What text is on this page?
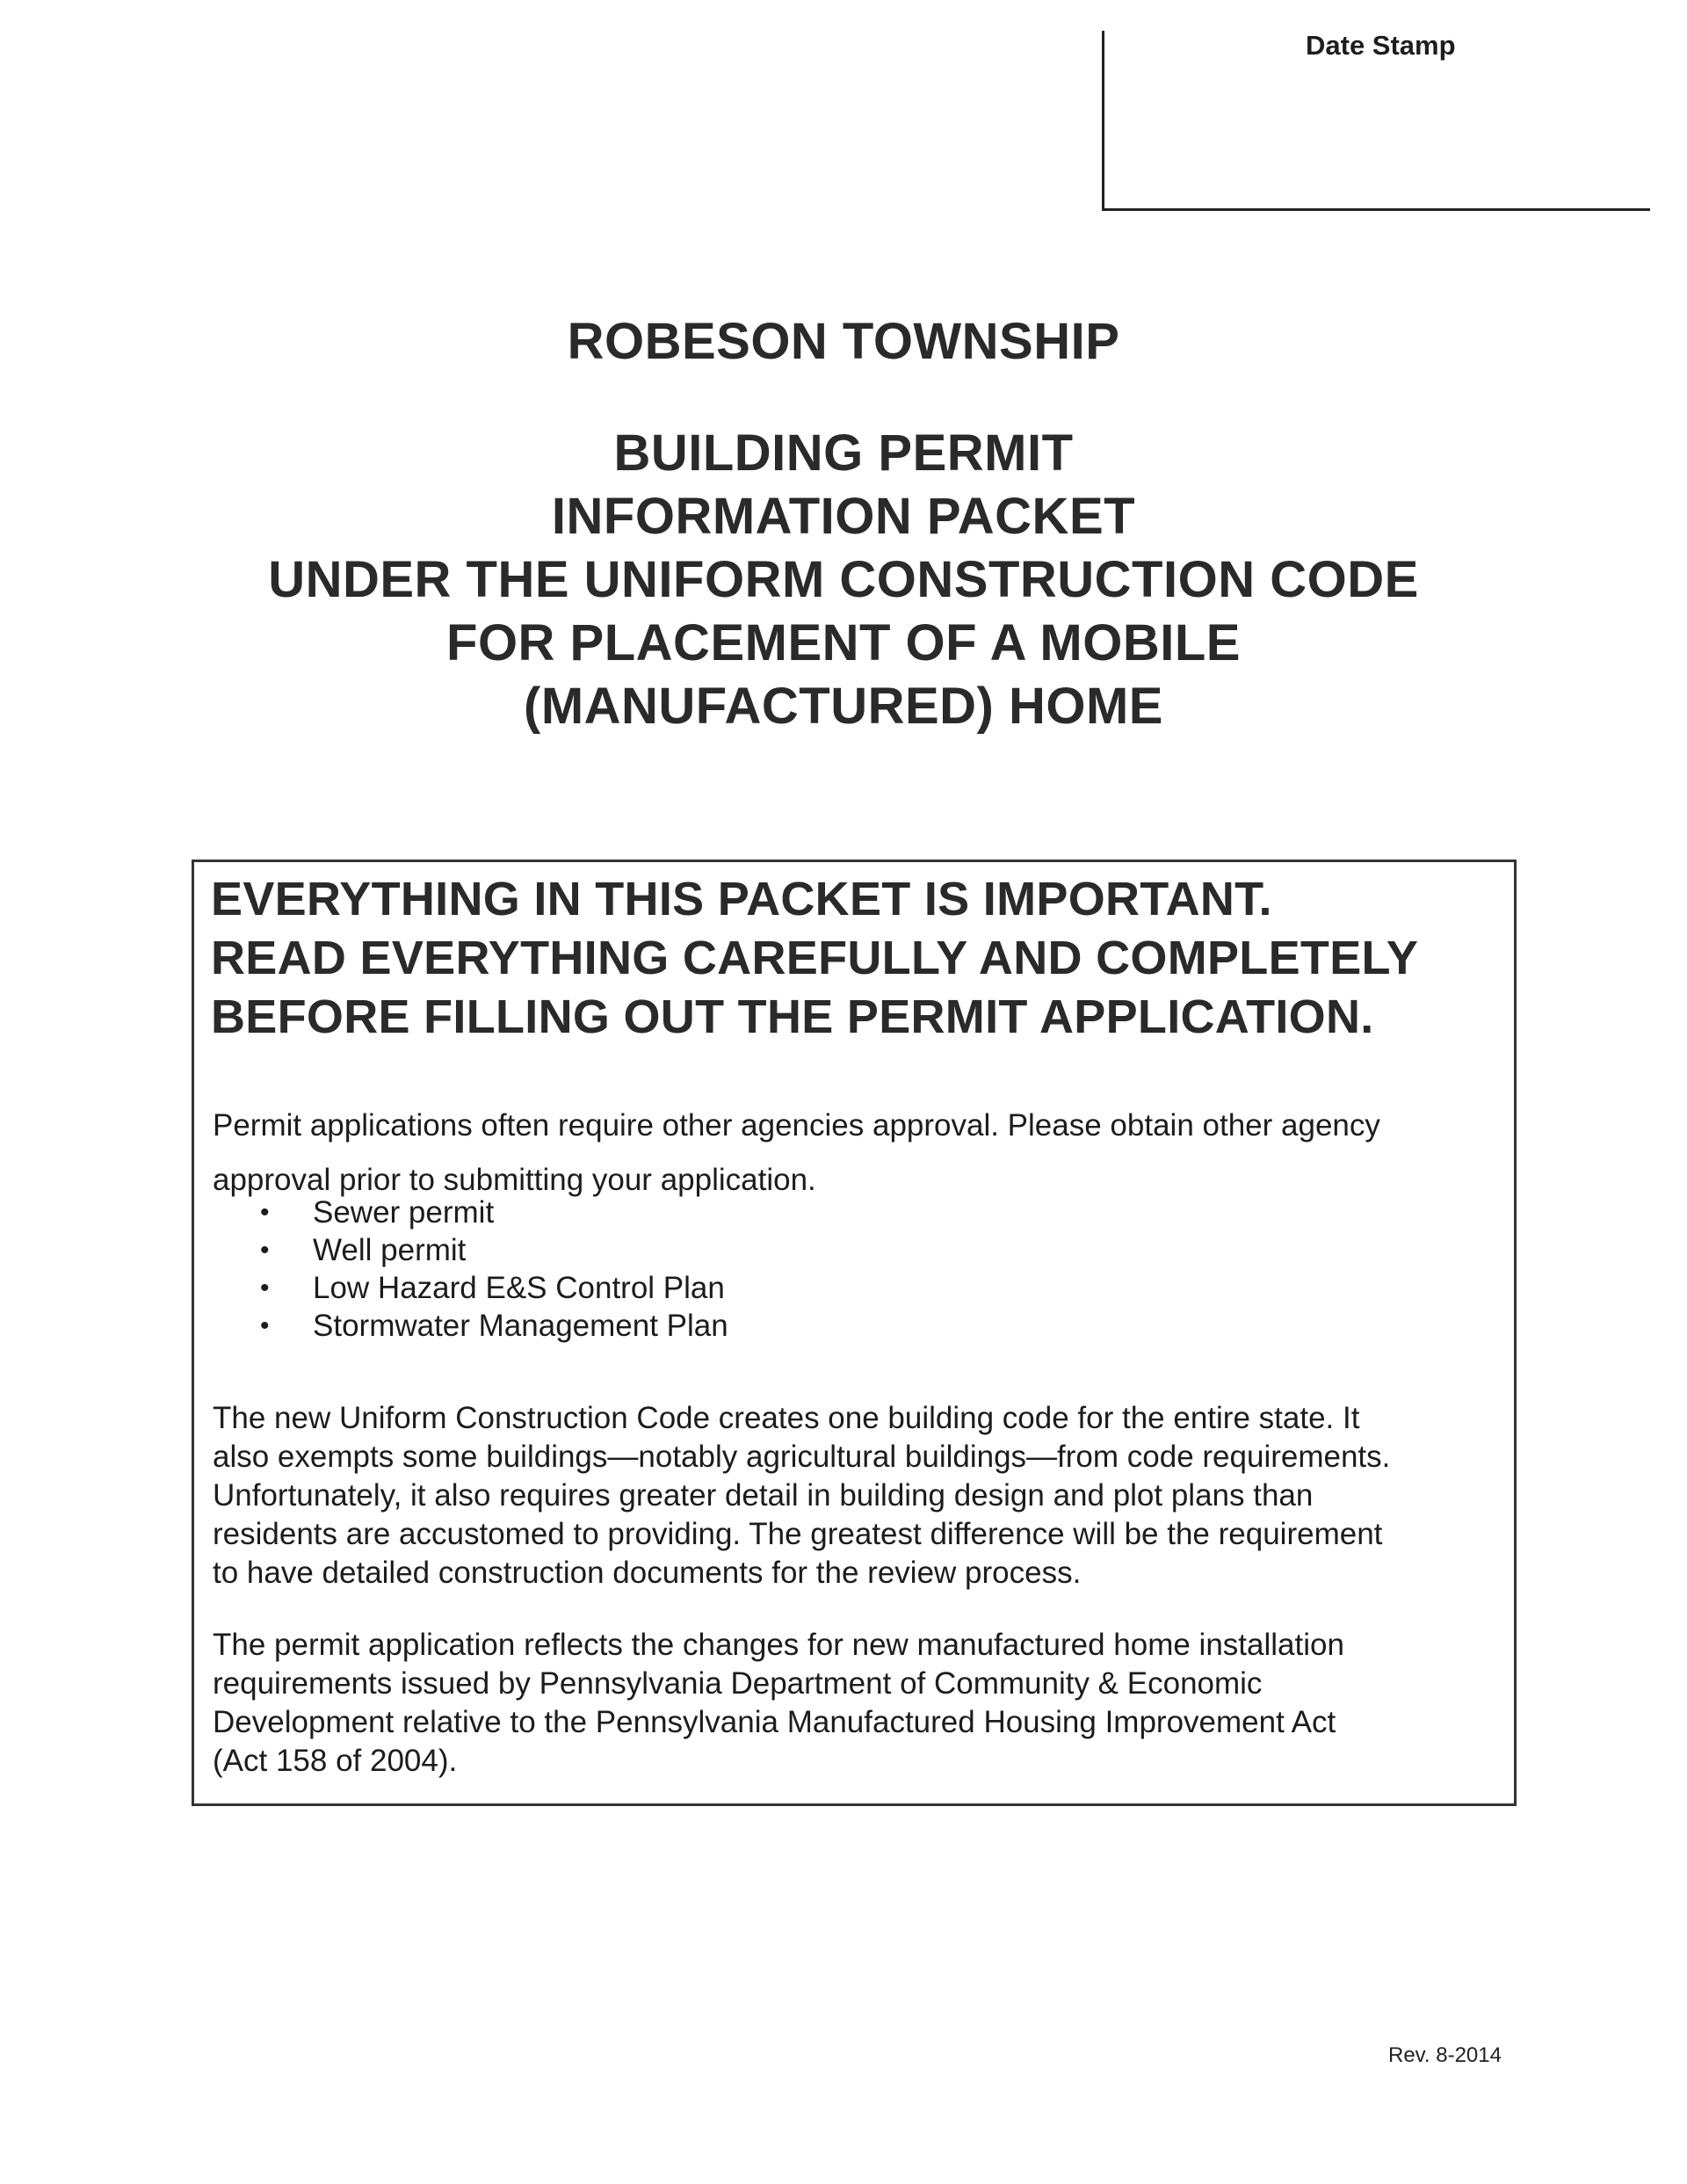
Date Stamp
ROBESON TOWNSHIP
BUILDING PERMIT
INFORMATION PACKET
UNDER THE UNIFORM CONSTRUCTION CODE
FOR PLACEMENT OF A MOBILE
(MANUFACTURED) HOME
EVERYTHING IN THIS PACKET IS IMPORTANT.
READ EVERYTHING CAREFULLY AND COMPLETELY
BEFORE FILLING OUT THE PERMIT APPLICATION.
Permit applications often require other agencies approval. Please obtain other agency
approval prior to submitting your application.
• Sewer permit
• Well permit
• Low Hazard E&S Control Plan
• Stormwater Management Plan
The new Uniform Construction Code creates one building code for the entire state. It
also exempts some buildings—notably agricultural buildings—from code requirements.
Unfortunately, it also requires greater detail in building design and plot plans than
residents are accustomed to providing. The greatest difference will be the requirement
to have detailed construction documents for the review process.
The permit application reflects the changes for new manufactured home installation
requirements issued by Pennsylvania Department of Community & Economic
Development relative to the Pennsylvania Manufactured Housing Improvement Act
(Act 158 of 2004).
Rev. 8-2014
